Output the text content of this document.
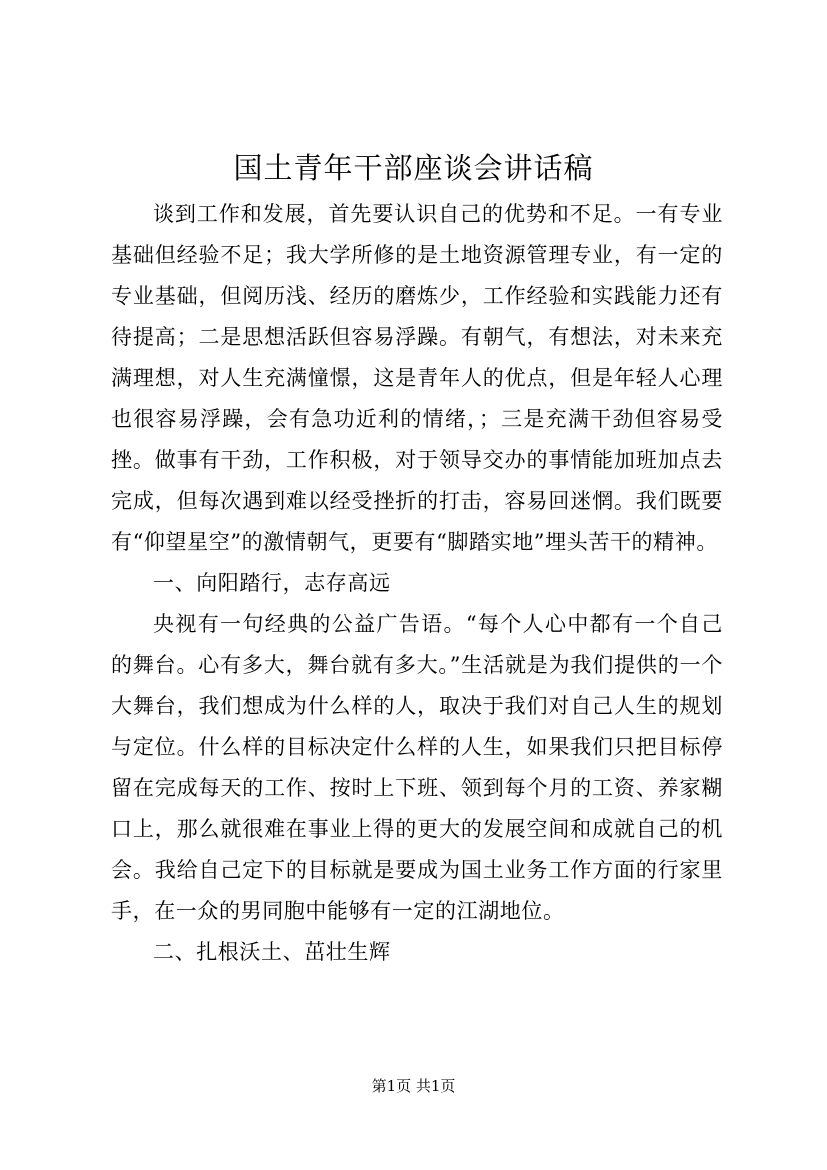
国土青年干部座谈会讲话稿

谈到工作和发展，首先要认识自己的优势和不足。一有专业基础但经验不足；我大学所修的是土地资源管理专业，有一定的专业基础，但阅历浅、经历的磨炼少，工作经验和实践能力还有待提高；二是思想活跃但容易浮躁。有朝气，有想法，对未来充满理想，对人生充满憧憬，这是青年人的优点，但是年轻人心理也很容易浮躁，会有急功近利的情绪，；三是充满干劲但容易受挫。做事有干劲，工作积极，对于领导交办的事情能加班加点去完成，但每次遇到难以经受挫折的打击，容易回迷惘。我们既要有“仰望星空”的激情朝气，更要有“脚踏实地”埋头苦干的精神。

一、向阳踏行，志存高远

央视有一句经典的公益广告语。“每个人心中都有一个自己的舞台。心有多大，舞台就有多大。”生活就是为我们提供的一个大舞台，我们想成为什么样的人，取决于我们对自己人生的规划与定位。什么样的目标决定什么样的人生，如果我们只把目标停留在完成每天的工作、按时上下班、领到每个月的工资、养家糊口上，那么就很难在事业上得的更大的发展空间和成就自己的机会。我给自己定下的目标就是要成为国土业务工作方面的行家里手，在一众的男同胞中能够有一定的江湖地位。

二、扎根沃土、茁壮生辉

第1页 共1页
